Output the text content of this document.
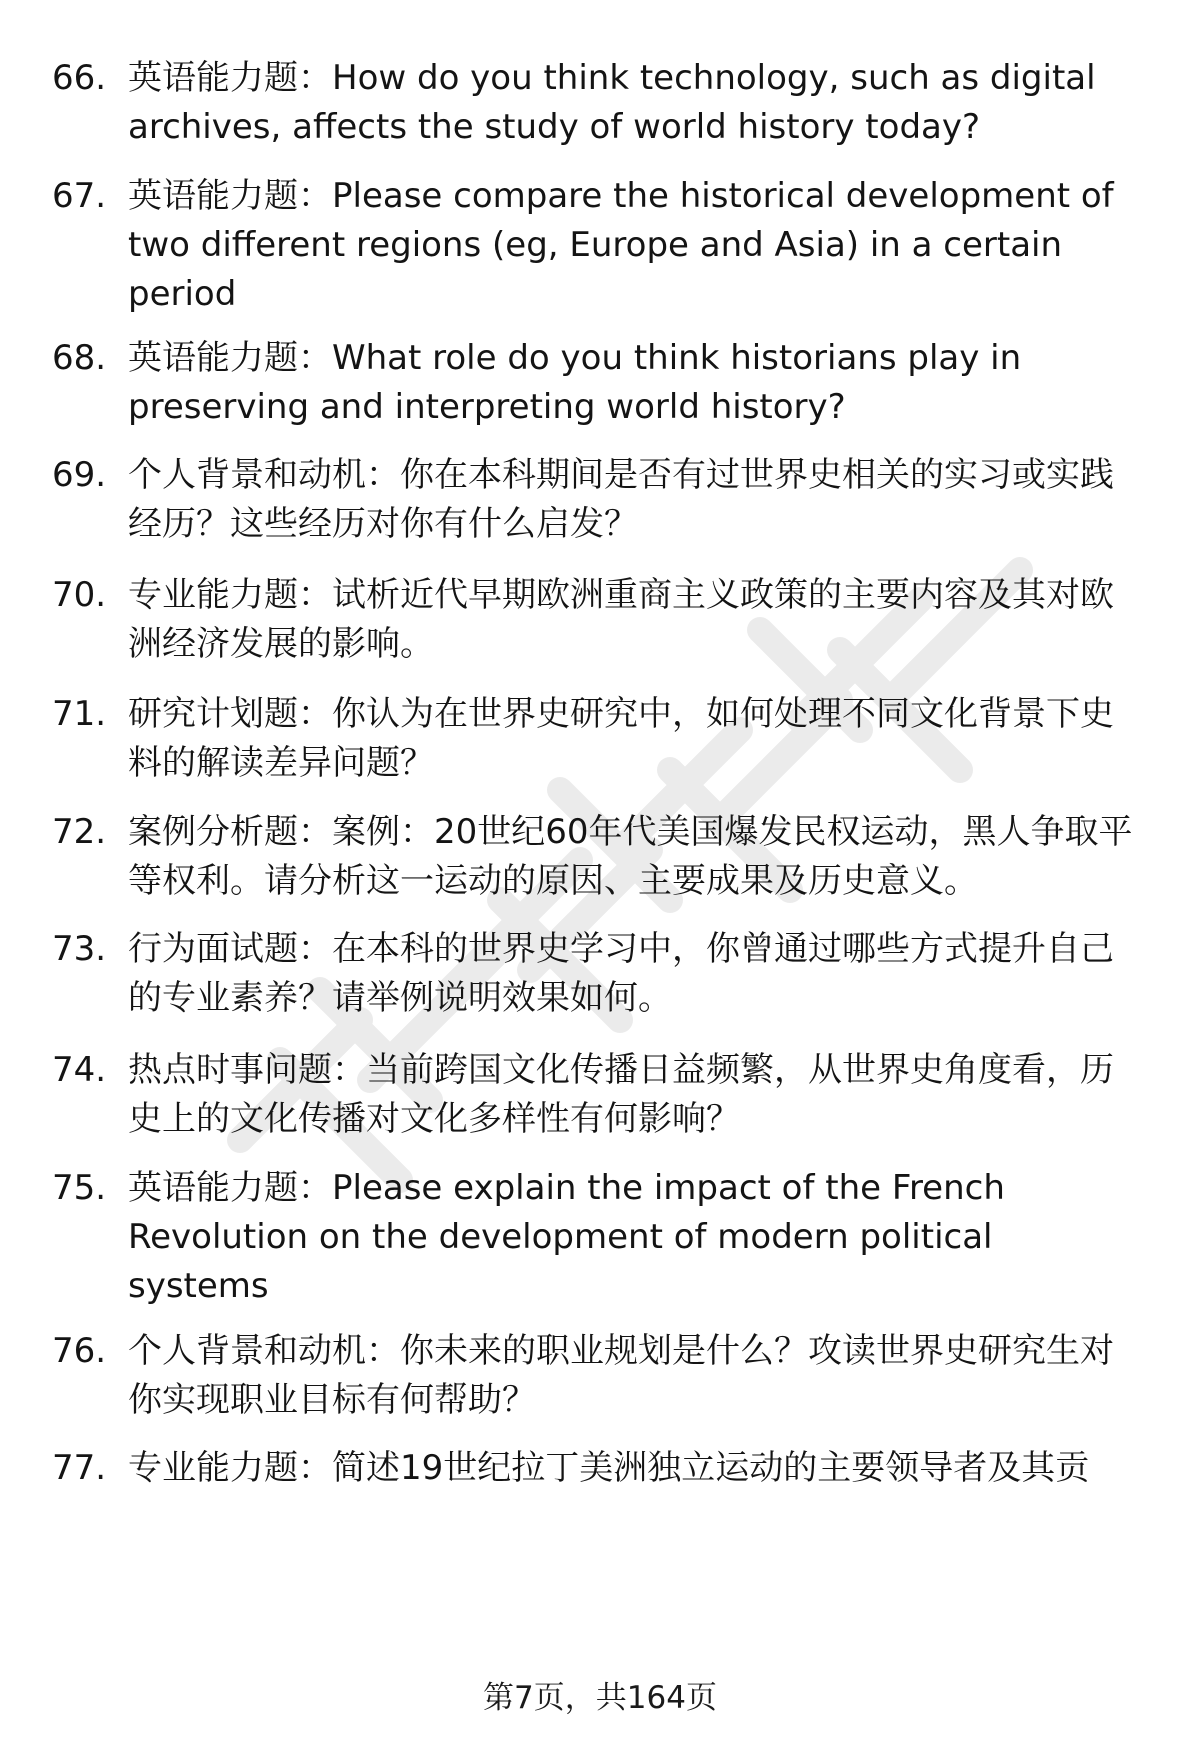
66. 英语能力题：How do you think technology, such as digital archives, affects the study of world history today?
67. 英语能力题：Please compare the historical development of two different regions (eg, Europe and Asia) in a certain period
68. 英语能力题：What role do you think historians play in preserving and interpreting world history?
69. 个人背景和动机：你在本科期间是否有过世界史相关的实习或实践经历？这些经历对你有什么启发？
70. 专业能力题：试析近代早期欧洲重商主义政策的主要内容及其对欧洲经济发展的影响。
71. 研究计划题：你认为在世界史研究中，如何处理不同文化背景下史料的解读差异问题？
72. 案例分析题：案例：20世纪60年代美国爆发民权运动，黑人争取平等权利。请分析这一运动的原因、主要成果及历史意义。
73. 行为面试题：在本科的世界史学习中，你曾通过哪些方式提升自己的专业素养？请举例说明效果如何。
74. 热点时事问题：当前跨国文化传播日益频繁，从世界史角度看，历史上的文化传播对文化多样性有何影响？
75. 英语能力题：Please explain the impact of the French Revolution on the development of modern political systems
76. 个人背景和动机：你未来的职业规划是什么？攻读世界史研究生对你实现职业目标有何帮助？
77. 专业能力题：简述19世纪拉丁美洲独立运动的主要领导者及其贡
第7页，共164页
